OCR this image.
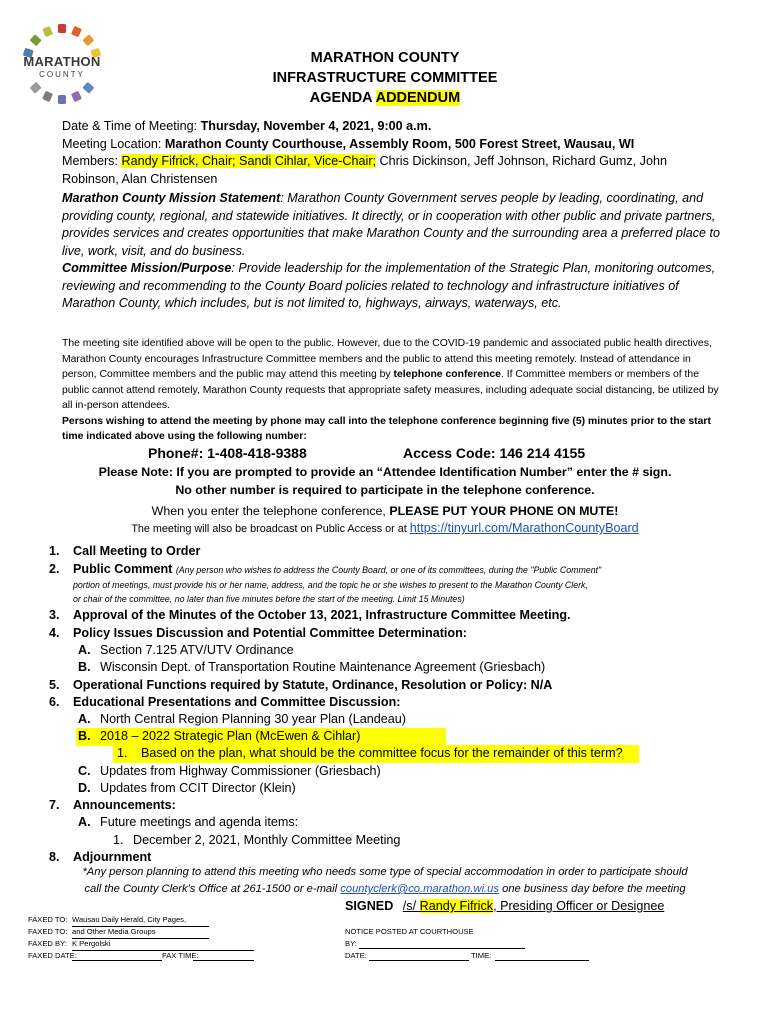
MARATHON
COUNTY
MARATHON COUNTY
INFRASTRUCTURE COMMITTEE
AGENDA ADDENDUM
Date & Time of Meeting: Thursday, November 4, 2021, 9:00 a.m.
Meeting Location: Marathon County Courthouse, Assembly Room, 500 Forest Street, Wausau, WI
Members: Randy Fifrick, Chair; Sandi Cihlar, Vice-Chair; Chris Dickinson, Jeff Johnson, Richard Gumz, John Robinson, Alan Christensen
Marathon County Mission Statement: Marathon County Government serves people by leading, coordinating, and providing county, regional, and statewide initiatives. It directly, or in cooperation with other public and private partners, provides services and creates opportunities that make Marathon County and the surrounding area a preferred place to live, work, visit, and do business.
Committee Mission/Purpose: Provide leadership for the implementation of the Strategic Plan, monitoring outcomes, reviewing and recommending to the County Board policies related to technology and infrastructure initiatives of Marathon County, which includes, but is not limited to, highways, airways, waterways, etc.
The meeting site identified above will be open to the public. However, due to the COVID-19 pandemic and associated public health directives, Marathon County encourages Infrastructure Committee members and the public to attend this meeting remotely. Instead of attendance in person, Committee members and the public may attend this meeting by telephone conference. If Committee members or members of the public cannot attend remotely, Marathon County requests that appropriate safety measures, including adequate social distancing, be utilized by all in-person attendees.
Persons wishing to attend the meeting by phone may call into the telephone conference beginning five (5) minutes prior to the start time indicated above using the following number:
Phone#: 1-408-418-9388	Access Code: 146 214 4155
Please Note: If you are prompted to provide an “Attendee Identification Number” enter the # sign.
No other number is required to participate in the telephone conference.
When you enter the telephone conference, PLEASE PUT YOUR PHONE ON MUTE!
The meeting will also be broadcast on Public Access or at https://tinyurl.com/MarathonCountyBoard
1. Call Meeting to Order
2. Public Comment (Any person who wishes to address the County Board, or one of its committees, during the "Public Comment"
portion of meetings, must provide his or her name, address, and the topic he or she wishes to present to the Marathon County Clerk,
or chair of the committee, no later than five minutes before the start of the meeting. Limit 15 Minutes)
3. Approval of the Minutes of the October 13, 2021, Infrastructure Committee Meeting.
4. Policy Issues Discussion and Potential Committee Determination:
A. Section 7.125 ATV/UTV Ordinance
B. Wisconsin Dept. of Transportation Routine Maintenance Agreement (Griesbach)
5. Operational Functions required by Statute, Ordinance, Resolution or Policy: N/A
6. Educational Presentations and Committee Discussion:
A. North Central Region Planning 30 year Plan (Landeau)
B. 2018 – 2022 Strategic Plan (McEwen & Cihlar)
1. Based on the plan, what should be the committee focus for the remainder of this term?
C. Updates from Highway Commissioner (Griesbach)
D. Updates from CCIT Director (Klein)
7. Announcements:
A. Future meetings and agenda items:
1. December 2, 2021, Monthly Committee Meeting
8. Adjournment
*Any person planning to attend this meeting who needs some type of special accommodation in order to participate should
call the County Clerk's Office at 261-1500 or e-mail countyclerk@co.marathon.wi.us one business day before the meeting
SIGNED /s/ Randy Fifrick, Presiding Officer or Designee
FAXED TO: Wausau Daily Herald, City Pages,
FAXED TO: and Other Media Groups
FAXED BY: K Pergolski
FAXED DATE:	FAX TIME:
NOTICE POSTED AT COURTHOUSE
BY:
DATE:	TIME:
